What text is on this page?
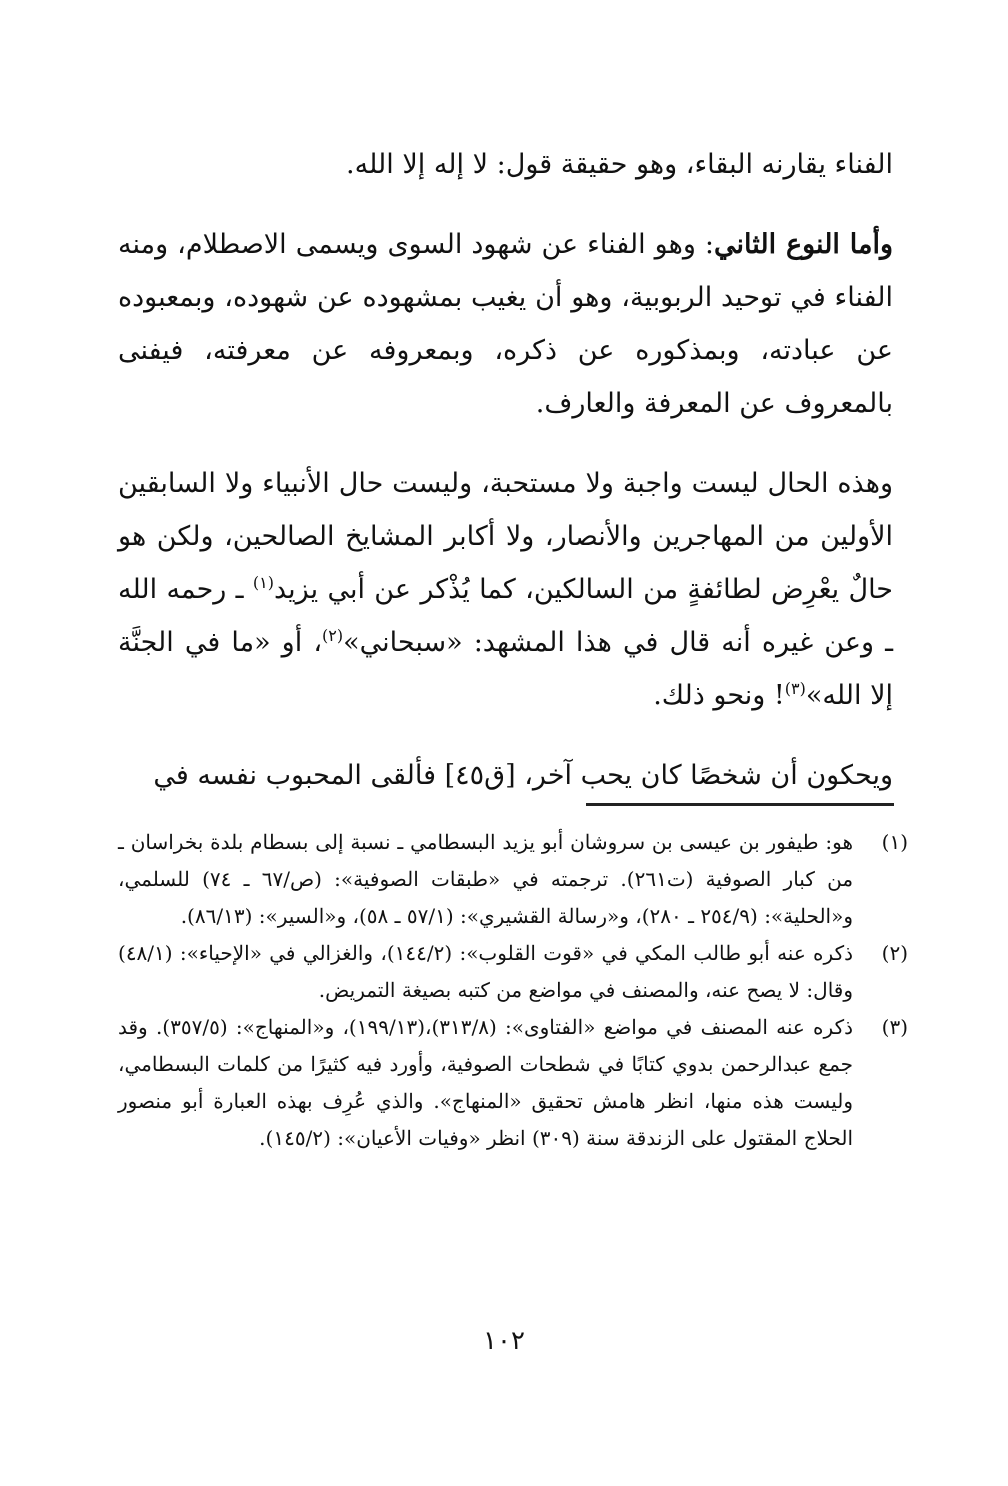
الفناء يقارنه البقاء، وهو حقيقة قول: لا إله إلا الله.

وأما النوع الثاني: وهو الفناء عن شهود السوى ويسمى الاصطلام، ومنه الفناء في توحيد الربوبية، وهو أن يغيب بمشهوده عن شهوده، وبمعبوده عن عبادته، وبمذكوره عن ذكره، وبمعروفه عن معرفته، فيفنى بالمعروف عن المعرفة والعارف.

وهذه الحال ليست واجبة ولا مستحبة، وليست حال الأنبياء ولا السابقين الأولين من المهاجرين والأنصار، ولا أكابر المشايخ الصالحين، ولكن هو حالٌ يعْرِض لطائفةٍ من السالكين، كما يُذْكر عن أبي يزيد$^{(١)}$ ـ رحمه الله ـ وعن غيره أنه قال في هذا المشهد: «سبحاني»$^{(٢)}$، أو «ما في الجنَّة إلا الله»$^{(٣)}$! ونحو ذلك.

ويحكون أن شخصًا كان يحب آخر، [ق٤٥] فألقى المحبوب نفسه في

(١)
هو: طيفور بن عيسى بن سروشان أبو يزيد البسطامي ـ نسبة إلى بسطام بلدة بخراسان ـ من كبار الصوفية (ت٢٦١). ترجمته في «طبقات الصوفية»: (ص/٦٧ ـ ٧٤) للسلمي، و«الحلية»: (٢٥٤/٩ ـ ٢٨٠)، و«رسالة القشيري»: (٥٧/١ ـ ٥٨)، و«السير»: (٨٦/١٣).
(٢)
ذكره عنه أبو طالب المكي في «قوت القلوب»: (١٤٤/٢)، والغزالي في «الإحياء»: (٤٨/١) وقال: لا يصح عنه، والمصنف في مواضع من كتبه بصيغة التمريض.
(٣)
ذكره عنه المصنف في مواضع «الفتاوى»: (٣١٣/٨)،(١٩٩/١٣)، و«المنهاج»: (٣٥٧/٥). وقد جمع عبدالرحمن بدوي كتابًا في شطحات الصوفية، وأورد فيه كثيرًا من كلمات البسطامي، وليست هذه منها، انظر هامش تحقيق «المنهاج». والذي عُرِف بهذه العبارة أبو منصور الحلاج المقتول على الزندقة سنة (٣٠٩) انظر «وفيات الأعيان»: (١٤٥/٢).
١٠٢
